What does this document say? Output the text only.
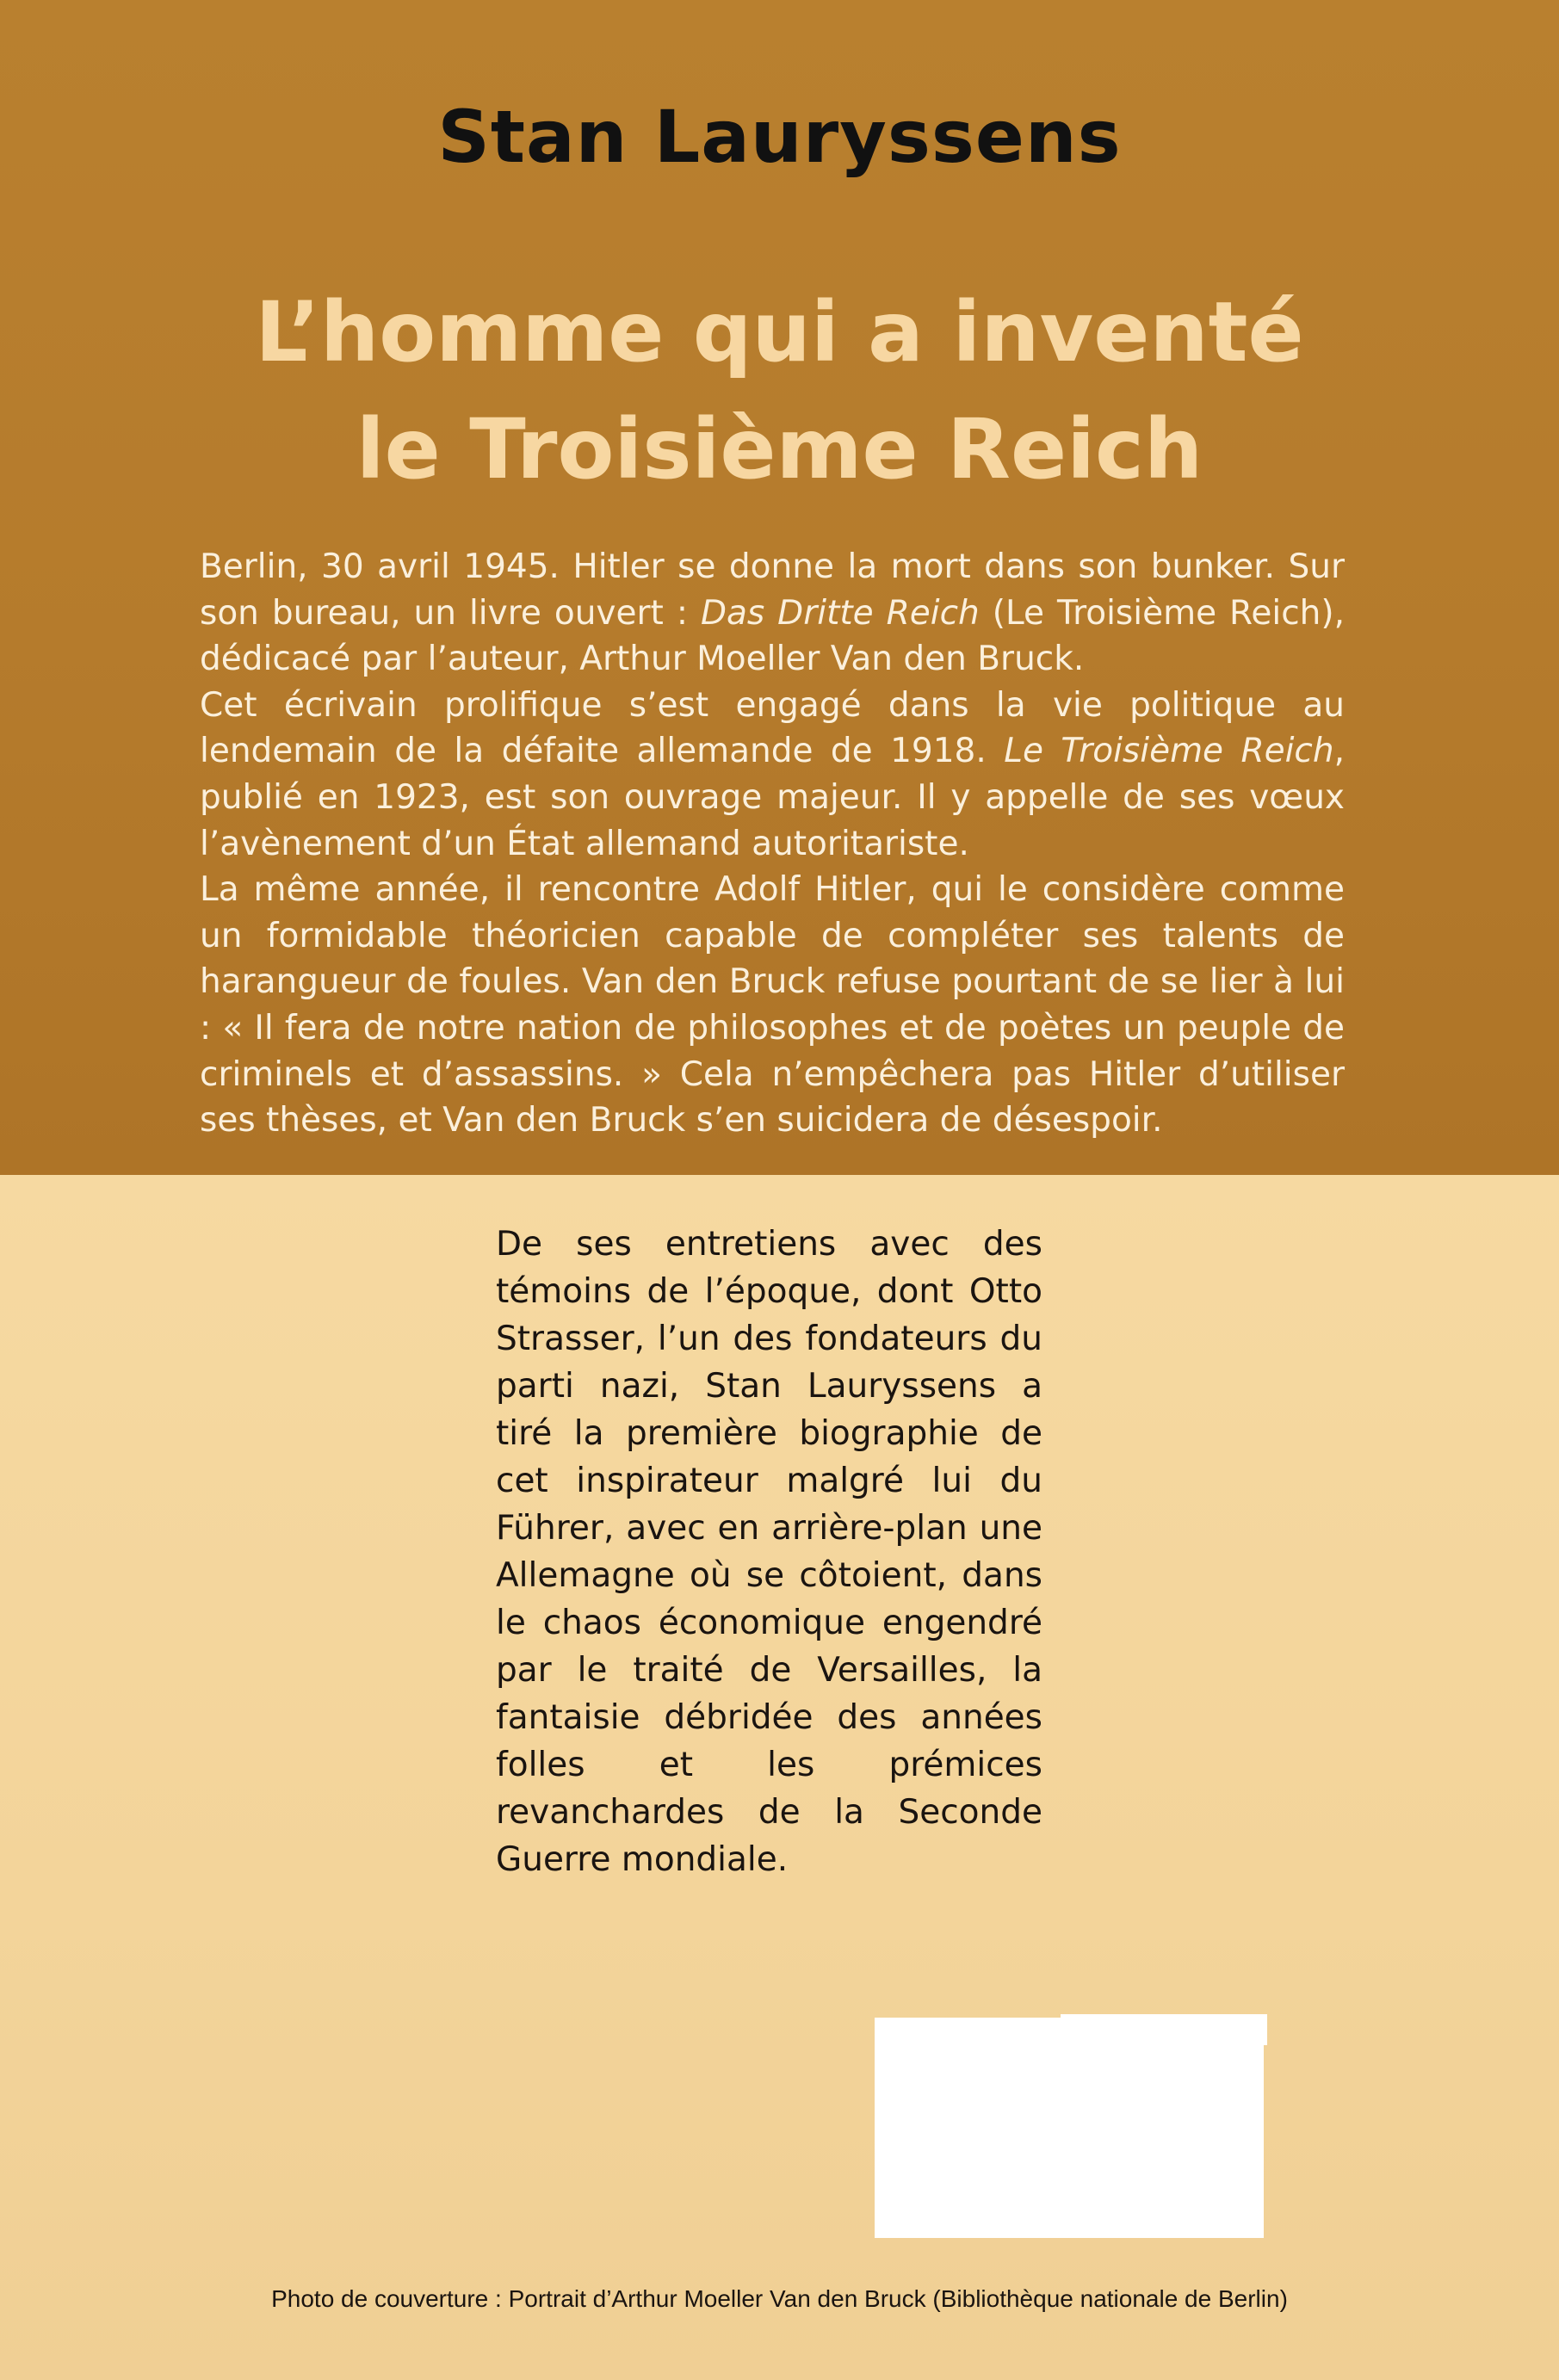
Stan Lauryssens
L’homme qui a inventé
le Troisième Reich

Berlin, 30 avril 1945. Hitler se donne la mort dans son bunker. Sur son bureau, un livre ouvert : Das Dritte Reich (Le Troisième Reich), dédicacé par l’auteur, Arthur Moeller Van den Bruck.

Cet écrivain prolifique s’est engagé dans la vie politique au lendemain de la défaite allemande de 1918. Le Troisième Reich, publié en 1923, est son ouvrage majeur. Il y appelle de ses vœux l’avènement d’un État allemand autoritariste.

La même année, il rencontre Adolf Hitler, qui le considère comme un formidable théoricien capable de compléter ses talents de harangueur de foules. Van den Bruck refuse pourtant de se lier à lui : « Il fera de notre nation de philosophes et de poètes un peuple de criminels et d’assassins. » Cela n’empêchera pas Hitler d’utiliser ses thèses, et Van den Bruck s’en suicidera de désespoir.

De ses entretiens avec des témoins de l’époque, dont Otto Strasser, l’un des fondateurs du parti nazi, Stan Lauryssens a tiré la première biographie de cet inspirateur malgré lui du Führer, avec en arrière-plan une Allemagne où se côtoient, dans le chaos économique engendré par le traité de Versailles, la fantaisie débridée des années folles et les prémices revanchardes de la Seconde Guerre mondiale.

Photo de couverture : Portrait d’Arthur Moeller Van den Bruck (Bibliothèque nationale de Berlin)
